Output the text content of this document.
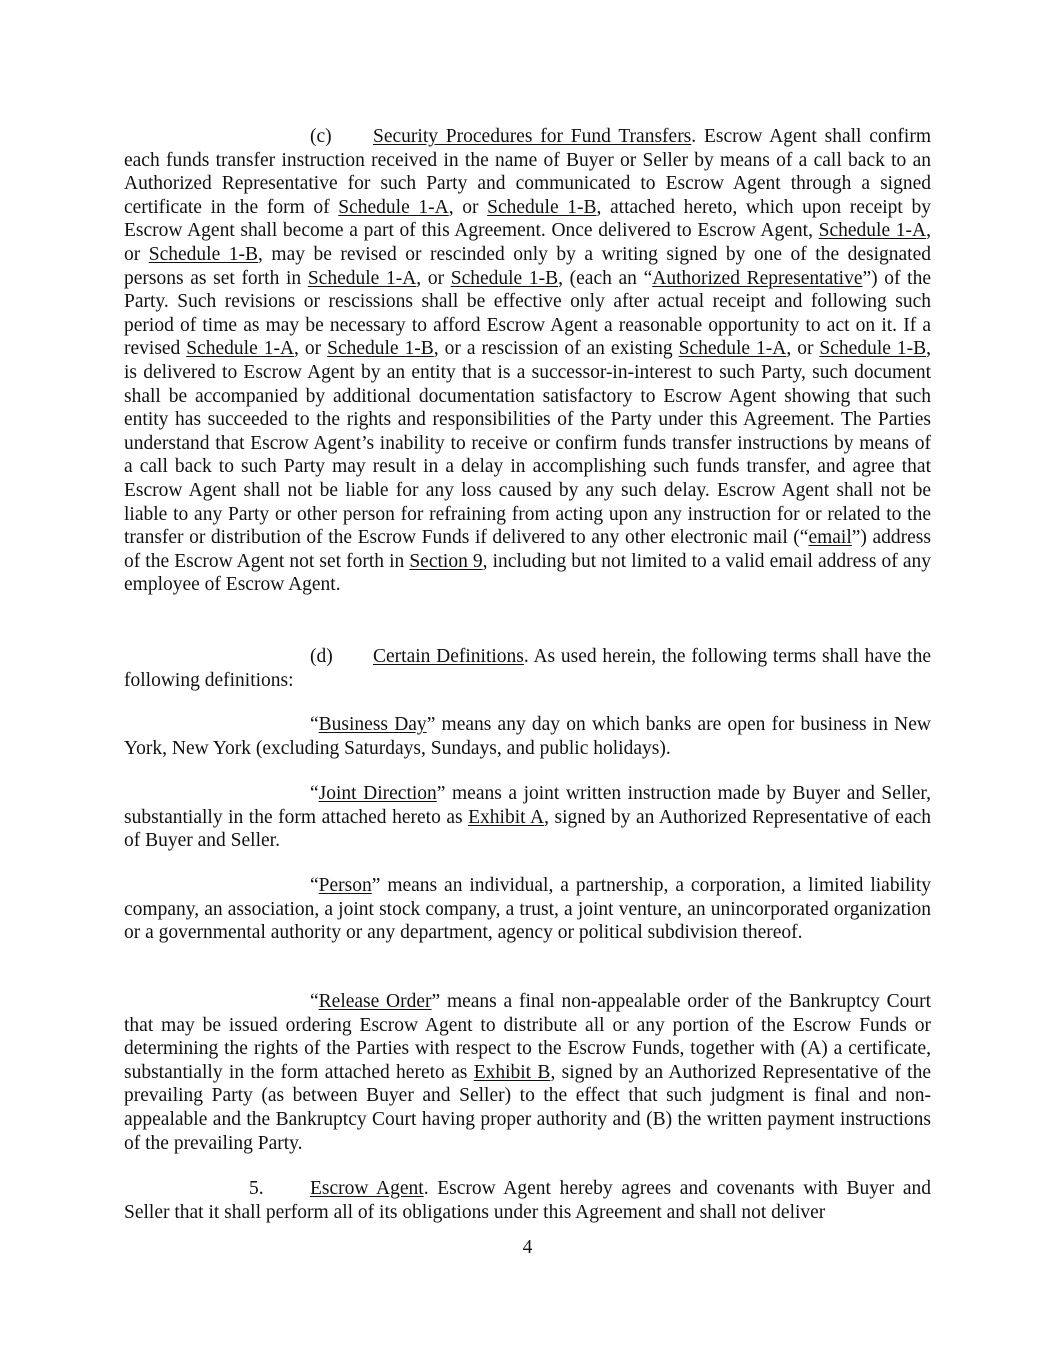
(c) Security Procedures for Fund Transfers. Escrow Agent shall confirm each funds transfer instruction received in the name of Buyer or Seller by means of a call back to an Authorized Representative for such Party and communicated to Escrow Agent through a signed certificate in the form of Schedule 1-A, or Schedule 1-B, attached hereto, which upon receipt by Escrow Agent shall become a part of this Agreement. Once delivered to Escrow Agent, Schedule 1-A, or Schedule 1-B, may be revised or rescinded only by a writing signed by one of the designated persons as set forth in Schedule 1-A, or Schedule 1-B, (each an “Authorized Representative”) of the Party. Such revisions or rescissions shall be effective only after actual receipt and following such period of time as may be necessary to afford Escrow Agent a reasonable opportunity to act on it. If a revised Schedule 1-A, or Schedule 1-B, or a rescission of an existing Schedule 1-A, or Schedule 1-B, is delivered to Escrow Agent by an entity that is a successor-in-interest to such Party, such document shall be accompanied by additional documentation satisfactory to Escrow Agent showing that such entity has succeeded to the rights and responsibilities of the Party under this Agreement. The Parties understand that Escrow Agent’s inability to receive or confirm funds transfer instructions by means of a call back to such Party may result in a delay in accomplishing such funds transfer, and agree that Escrow Agent shall not be liable for any loss caused by any such delay. Escrow Agent shall not be liable to any Party or other person for refraining from acting upon any instruction for or related to the transfer or distribution of the Escrow Funds if delivered to any other electronic mail (“email”) address of the Escrow Agent not set forth in Section 9, including but not limited to a valid email address of any employee of Escrow Agent.

(d) Certain Definitions. As used herein, the following terms shall have the following definitions:

“Business Day” means any day on which banks are open for business in New York, New York (excluding Saturdays, Sundays, and public holidays).

“Joint Direction” means a joint written instruction made by Buyer and Seller, substantially in the form attached hereto as Exhibit A, signed by an Authorized Representative of each of Buyer and Seller.

“Person” means an individual, a partnership, a corporation, a limited liability company, an association, a joint stock company, a trust, a joint venture, an unincorporated organization or a governmental authority or any department, agency or political subdivision thereof.

“Release Order” means a final non-appealable order of the Bankruptcy Court that may be issued ordering Escrow Agent to distribute all or any portion of the Escrow Funds or determining the rights of the Parties with respect to the Escrow Funds, together with (A) a certificate, substantially in the form attached hereto as Exhibit B, signed by an Authorized Representative of the prevailing Party (as between Buyer and Seller) to the effect that such judgment is final and non-appealable and the Bankruptcy Court having proper authority and (B) the written payment instructions of the prevailing Party.

5. Escrow Agent. Escrow Agent hereby agrees and covenants with Buyer and Seller that it shall perform all of its obligations under this Agreement and shall not deliver

4
